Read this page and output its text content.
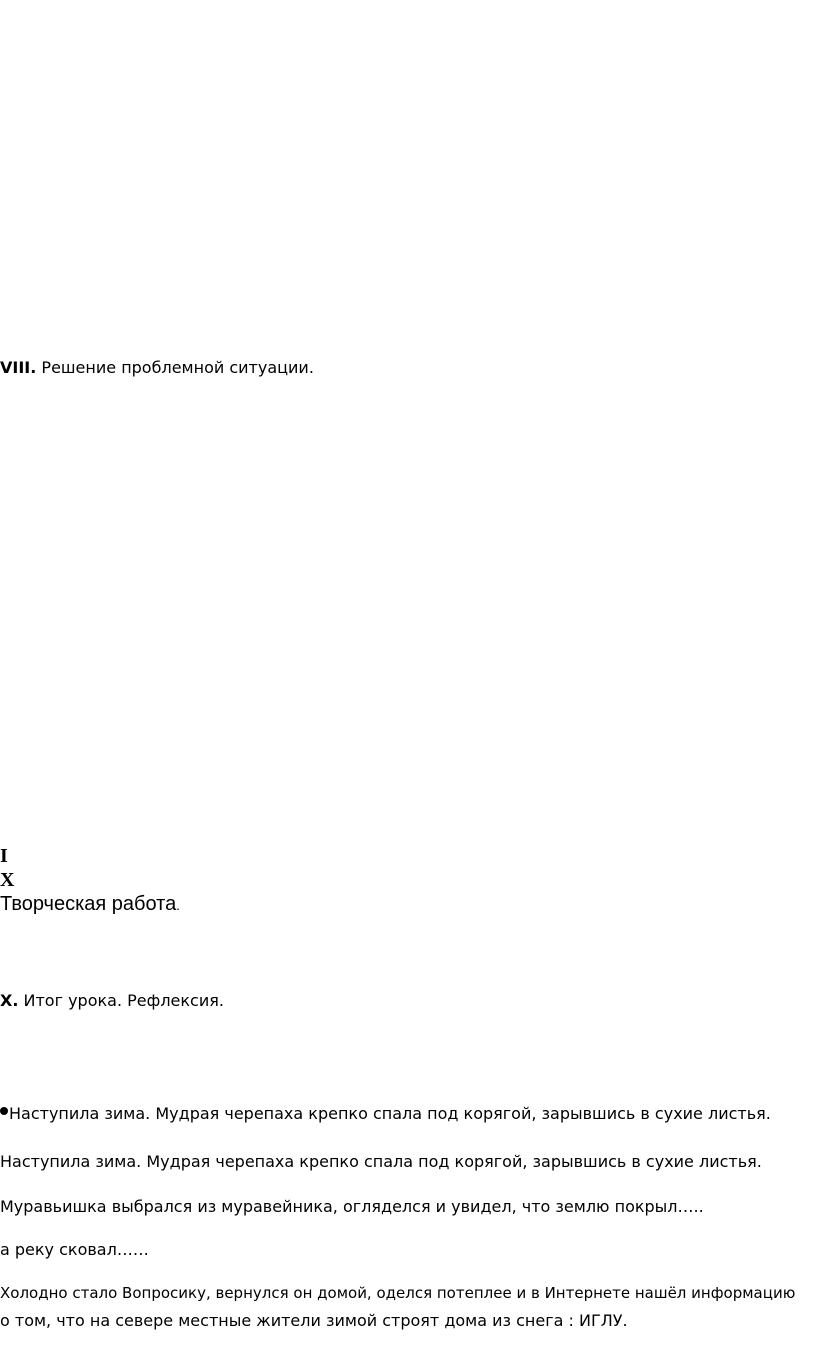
VIII. Решение проблемной ситуации.
I
X
Творческая работа.
X. Итог урока. Рефлексия.
Наступила зима. Мудрая черепаха крепко спала под корягой, зарывшись в сухие листья.
Наступила зима. Мудрая черепаха крепко спала под корягой, зарывшись в сухие листья.
Муравьишка выбрался из муравейника, огляделся и увидел, что землю покрыл…..
а реку сковал……
Холодно стало Вопросику, вернулся он домой, оделся потеплее и в Интернете нашёл информацию
о том, что на севере местные жители зимой строят дома из снега : ИГЛУ.
